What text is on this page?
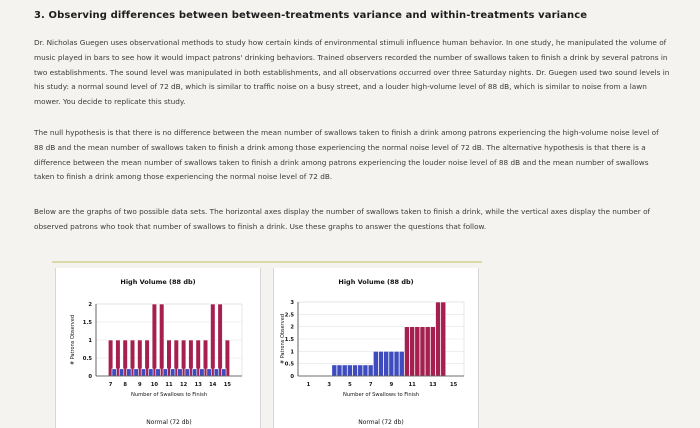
3. Observing differences between between-treatments variance and within-treatments variance

Dr. Nicholas Guegen uses observational methods to study how certain kinds of environmental stimuli influence human behavior. In one study, he manipulated the volume of music played in bars to see how it would impact patrons' drinking behaviors. Trained observers recorded the number of swallows taken to finish a drink by several patrons in two establishments. The sound level was manipulated in both establishments, and all observations occurred over three Saturday nights. Dr. Guegen used two sound levels in his study: a normal sound level of 72 dB, which is similar to traffic noise on a busy street, and a louder high-volume level of 88 dB, which is similar to noise from a lawn mower. You decide to replicate this study.

The null hypothesis is that there is no difference between the mean number of swallows taken to finish a drink among patrons experiencing the high-volume noise level of 88 dB and the mean number of swallows taken to finish a drink among those experiencing the normal noise level of 72 dB. The alternative hypothesis is that there is a difference between the mean number of swallows taken to finish a drink among patrons experiencing the louder noise level of 88 dB and the mean number of swallows taken to finish a drink among those experiencing the normal noise level of 72 dB.

Below are the graphs of two possible data sets. The horizontal axes display the number of swallows taken to finish a drink, while the vertical axes display the number of observed patrons who took that number of swallows to finish a drink. Use these graphs to answer the questions that follow.

High Volume (88 db)
0
0.5
1
1.5
2
7 8 9 10 11 12 13 14 15
Number of Swallows to Finish
# Patrons Observed
Normal (72 db)
High Volume (88 db)
0
0.5
1
1.5
2
2.5
3
1	3	5	7	9	11	13	15
Number of Swallows to Finish
# Patrons Observed
Normal (72 db)
